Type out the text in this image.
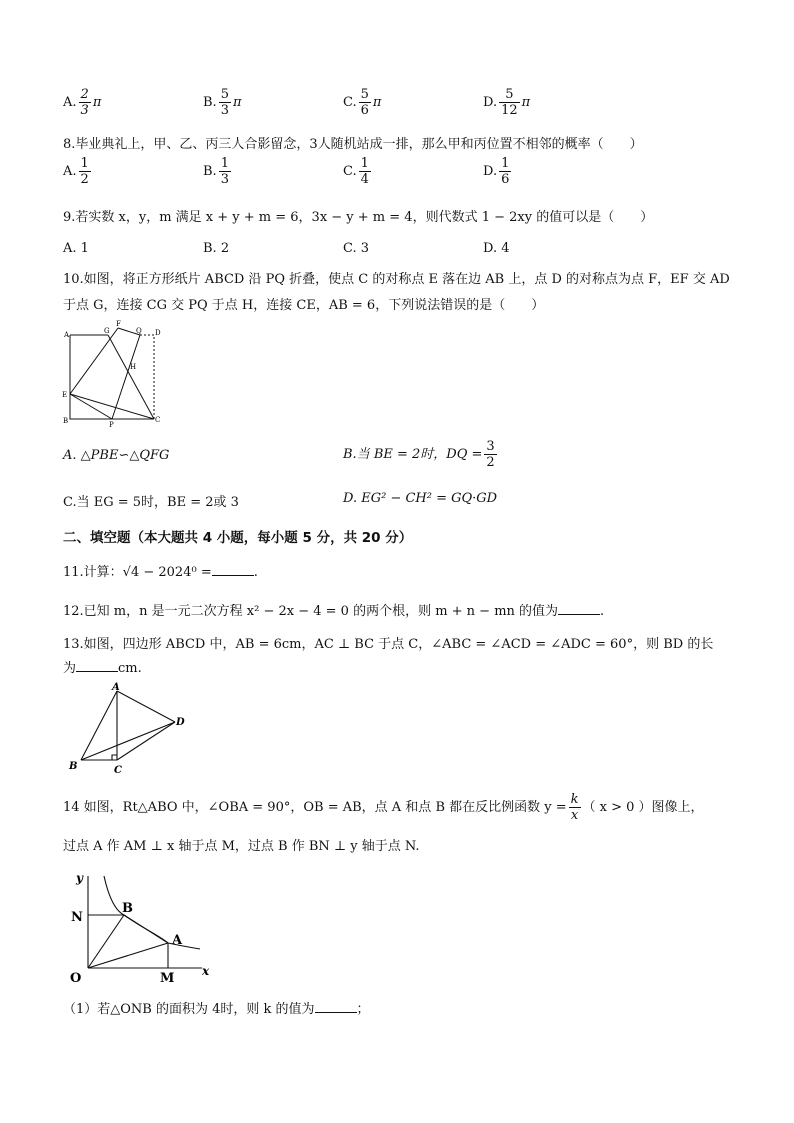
A. $\frac{2}{3}$ π	B. $\frac{5}{3}$ π	C. $\frac{5}{6}$ π	D. $\frac{5}{12}$ π
8.毕业典礼上，甲、乙、丙三人合影留念，3人随机站成一排，那么甲和丙位置不相邻的概率（　　）
A. $\frac{1}{2}$	B. $\frac{1}{3}$	C. $\frac{1}{4}$	D. $\frac{1}{6}$
9.若实数 x，y，m 满足 x + y + m = 6，3x − y + m = 4，则代数式 1 − 2xy 的值可以是（　　）
A. 1	B. 2	C. 3	D. 4
10.如图，将正方形纸片 ABCD 沿 PQ 折叠，使点 C 的对称点 E 落在边 AB 上，点 D 的对称点为点 F，EF 交 AD
于点 G，连接 CG 交 PQ 于点 H，连接 CE，AB = 6，下列说法错误的是（　　）
A	G
F
Q D
H
E
B	P
C
A. △PBE∽△QFG	B.当 BE = 2时，DQ = $\frac{3}{2}$
C.当 EG = 5时，BE = 2或 3	D. EG² − CH² = GQ·GD
二、填空题（本大题共 4 小题，每小题 5 分，共 20 分）
11.计算：√4 − 2024⁰ =	.
12.已知 m，n 是一元二次方程 x² − 2x − 4 = 0 的两个根，则 m + n − mn 的值为	.
13.如图，四边形 ABCD 中，AB = 6cm，AC ⊥ BC 于点 C，∠ABC = ∠ACD = ∠ADC = 60°，则 BD 的长
为	cm.
A
B	C
D
14 如图，Rt△ABO 中，∠OBA = 90°，OB = AB，点 A 和点 B 都在反比例函数 $y = \frac{k}{x}$ （ x > 0 ）图像上，
过点 A 作 AM ⊥ x 轴于点 M，过点 B 作 BN ⊥ y 轴于点 N.
y
x
N
B
A
O	M
（1）若△ONB 的面积为 4时，则 k 的值为	；
